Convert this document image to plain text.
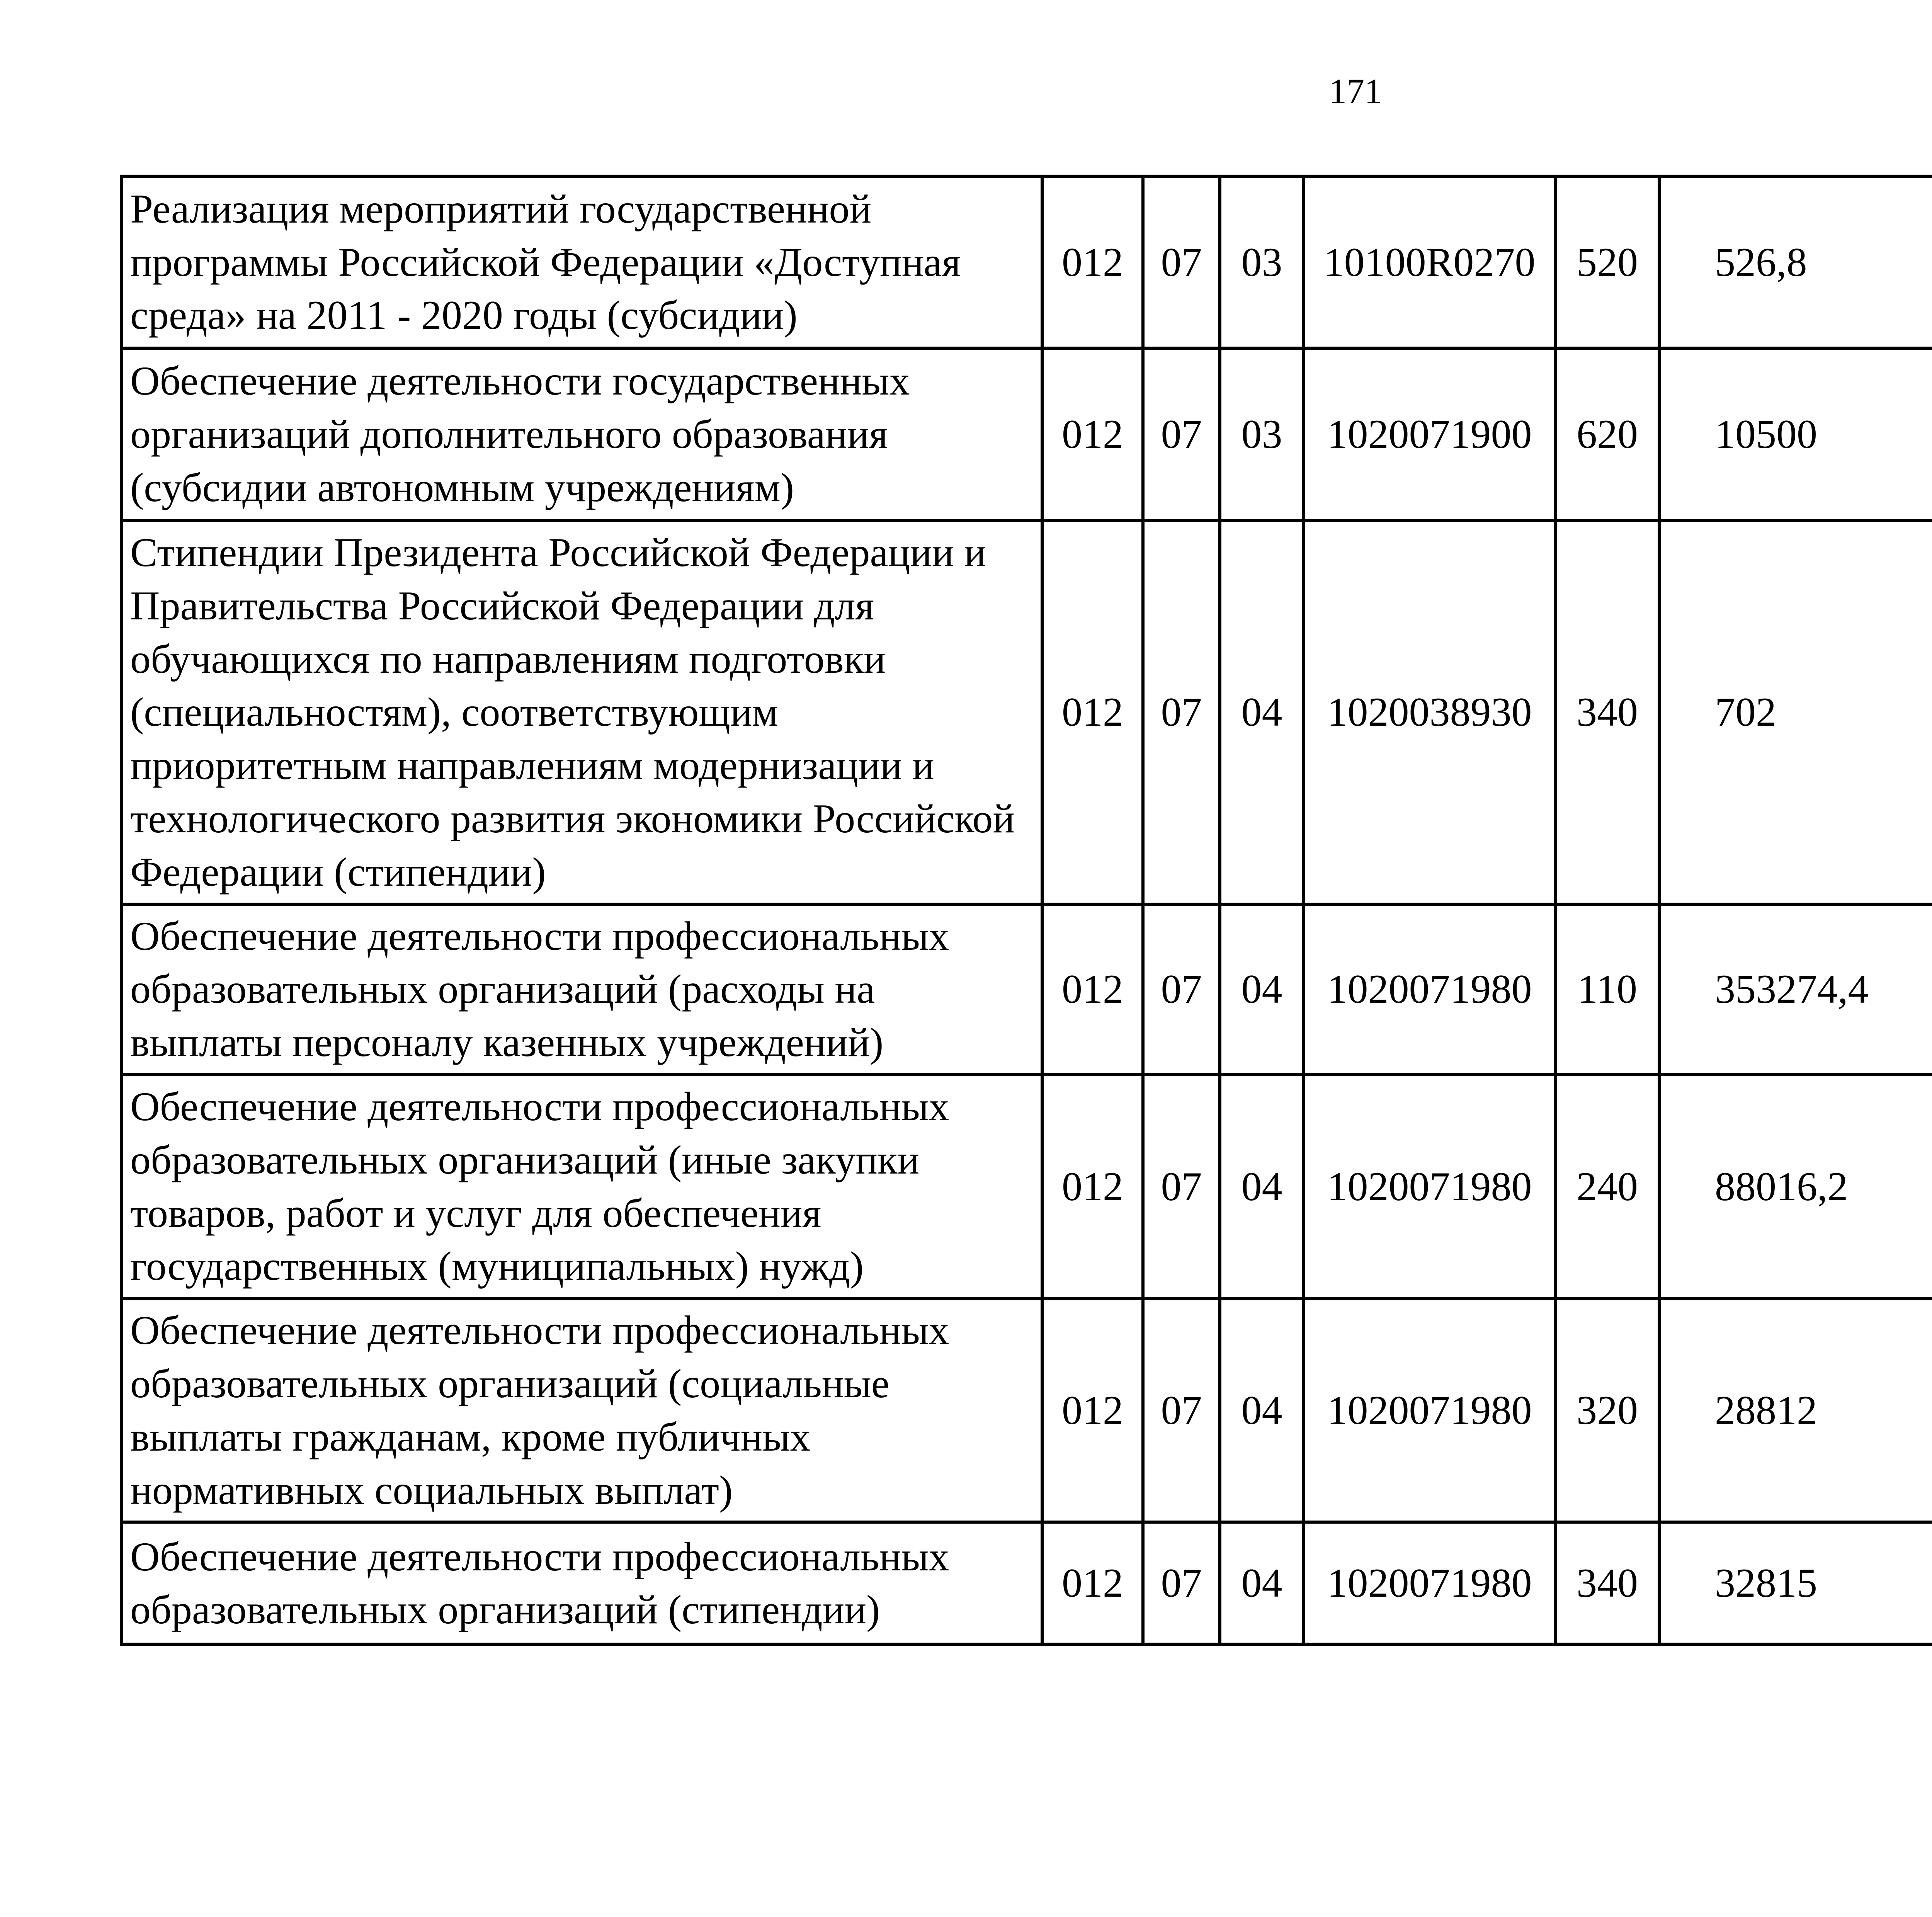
171
Реализация мероприятий государственной программы Российской Федерации «Доступная среда» на 2011 - 2020 годы (субсидии)	012	07	03	10100R0270	520	526,8		
Обеспечение деятельности государственных организаций дополнительного образования (субсидии автономным учреждениям)	012	07	03	1020071900	620	10500		
Стипендии Президента Российской Федерации и Правительства Российской Федерации для обучающихся по направлениям подготовки (специальностям), соответствующим приоритетным направлениям модернизации и технологического развития экономики Российской Федерации (стипендии)	012	07	04	1020038930	340	702		
Обеспечение деятельности профессиональных образовательных организаций (расходы на выплаты персоналу казенных учреждений)	012	07	04	1020071980	110	353274,4		
Обеспечение деятельности профессиональных образовательных организаций (иные закупки товаров, работ и услуг для обеспечения государственных (муниципальных) нужд)	012	07	04	1020071980	240	88016,2		
Обеспечение деятельности профессиональных образовательных организаций (социальные выплаты гражданам, кроме публичных нормативных социальных выплат)	012	07	04	1020071980	320	28812		
Обеспечение деятельности профессиональных образовательных организаций (стипендии)	012	07	04	1020071980	340	32815		
